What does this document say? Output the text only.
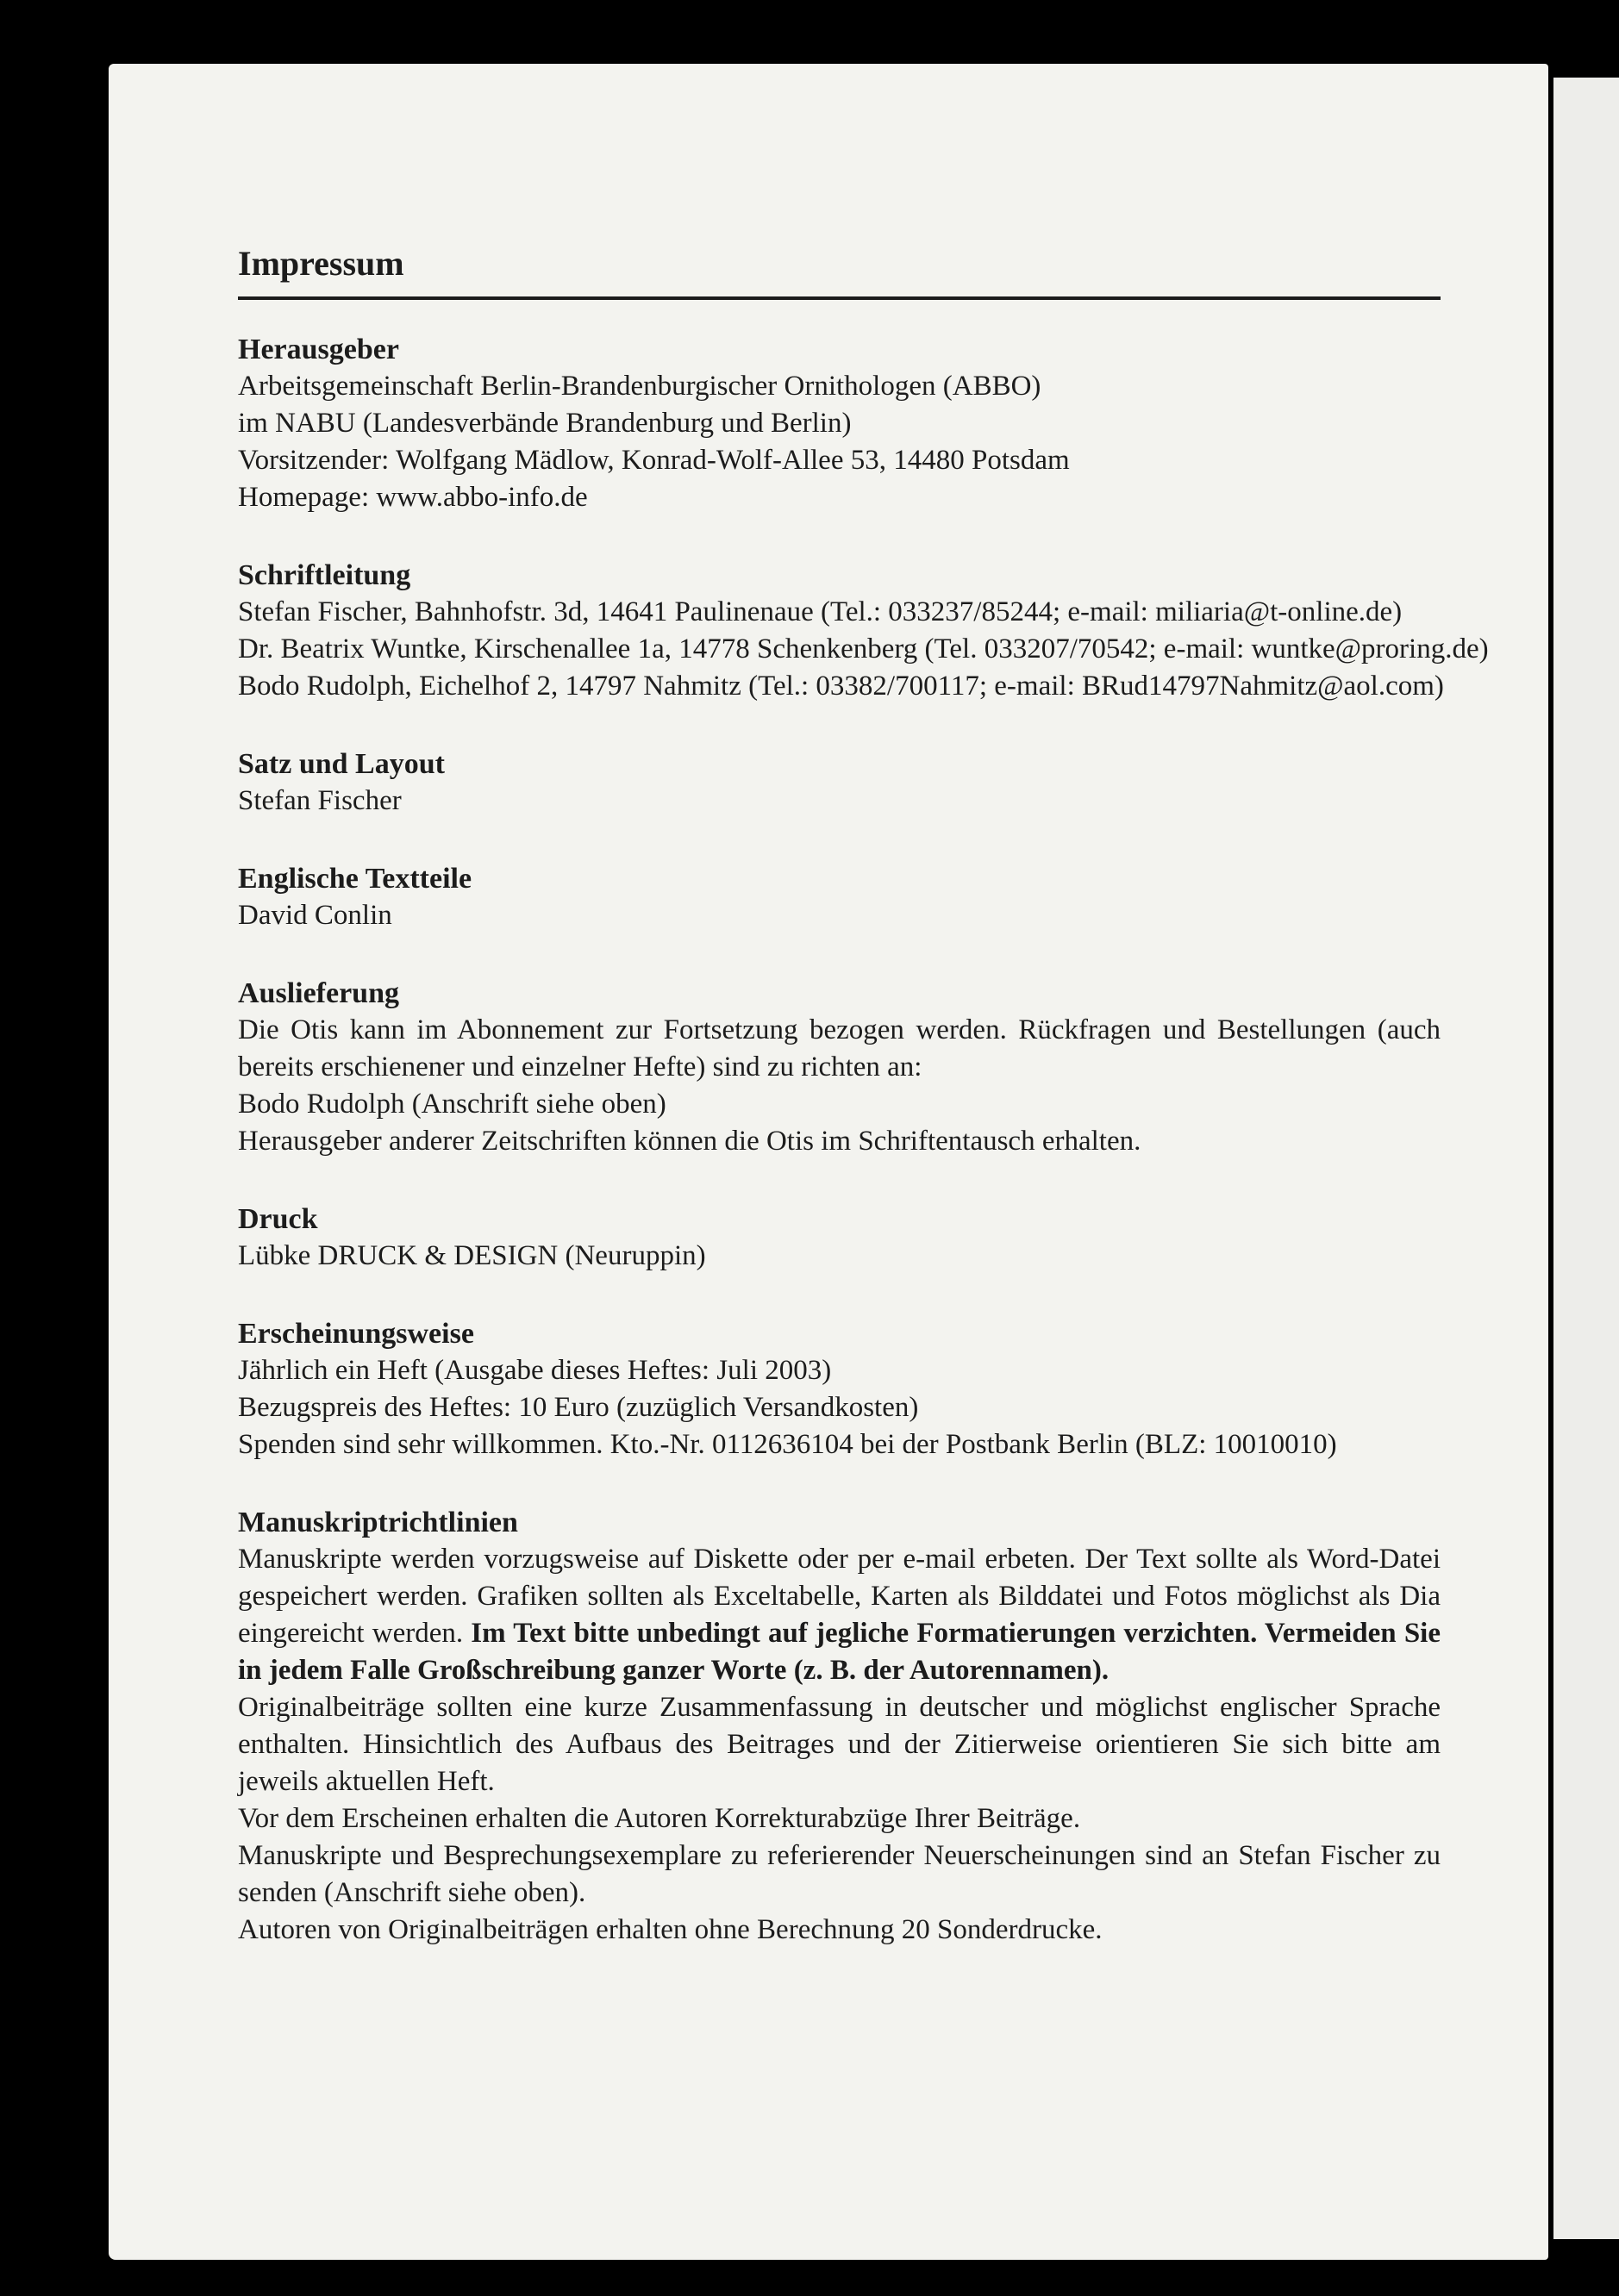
Impressum

Herausgeber

Arbeitsgemeinschaft Berlin-Brandenburgischer Ornithologen (ABBO)

im NABU (Landesverbände Brandenburg und Berlin)

Vorsitzender: Wolfgang Mädlow, Konrad-Wolf-Allee 53, 14480 Potsdam

Homepage: www.abbo-info.de

Schriftleitung

Stefan Fischer, Bahnhofstr. 3d, 14641 Paulinenaue (Tel.: 033237/85244; e-mail: miliaria@t-online.de)

Dr. Beatrix Wuntke, Kirschenallee 1a, 14778 Schenkenberg (Tel. 033207/70542; e-mail: wuntke@proring.de)

Bodo Rudolph, Eichelhof 2, 14797 Nahmitz (Tel.: 03382/700117; e-mail: BRud14797Nahmitz@aol.com)

Satz und Layout

Stefan Fischer

Englische Textteile

David Conlin

Auslieferung

Die Otis kann im Abonnement zur Fortsetzung bezogen werden. Rückfragen und Bestellungen (auch bereits erschienener und einzelner Hefte) sind zu richten an:

Bodo Rudolph (Anschrift siehe oben)

Herausgeber anderer Zeitschriften können die Otis im Schriftentausch erhalten.

Druck

Lübke DRUCK & DESIGN (Neuruppin)

Erscheinungsweise

Jährlich ein Heft (Ausgabe dieses Heftes: Juli 2003)

Bezugspreis des Heftes: 10 Euro (zuzüglich Versandkosten)

Spenden sind sehr willkommen. Kto.-Nr. 0112636104 bei der Postbank Berlin (BLZ: 10010010)

Manuskriptrichtlinien

Manuskripte werden vorzugsweise auf Diskette oder per e-mail erbeten. Der Text sollte als Word-Datei gespeichert werden. Grafiken sollten als Exceltabelle, Karten als Bilddatei und Fotos möglichst als Dia eingereicht werden. Im Text bitte unbedingt auf jegliche Formatierungen verzichten. Vermeiden Sie in jedem Falle Großschreibung ganzer Worte (z. B. der Autorennamen).

Originalbeiträge sollten eine kurze Zusammenfassung in deutscher und möglichst englischer Sprache enthalten. Hinsichtlich des Aufbaus des Beitrages und der Zitierweise orientieren Sie sich bitte am jeweils aktuellen Heft.

Vor dem Erscheinen erhalten die Autoren Korrekturabzüge Ihrer Beiträge.

Manuskripte und Besprechungsexemplare zu referierender Neuerscheinungen sind an Stefan Fischer zu senden (Anschrift siehe oben).

Autoren von Originalbeiträgen erhalten ohne Berechnung 20 Sonderdrucke.
